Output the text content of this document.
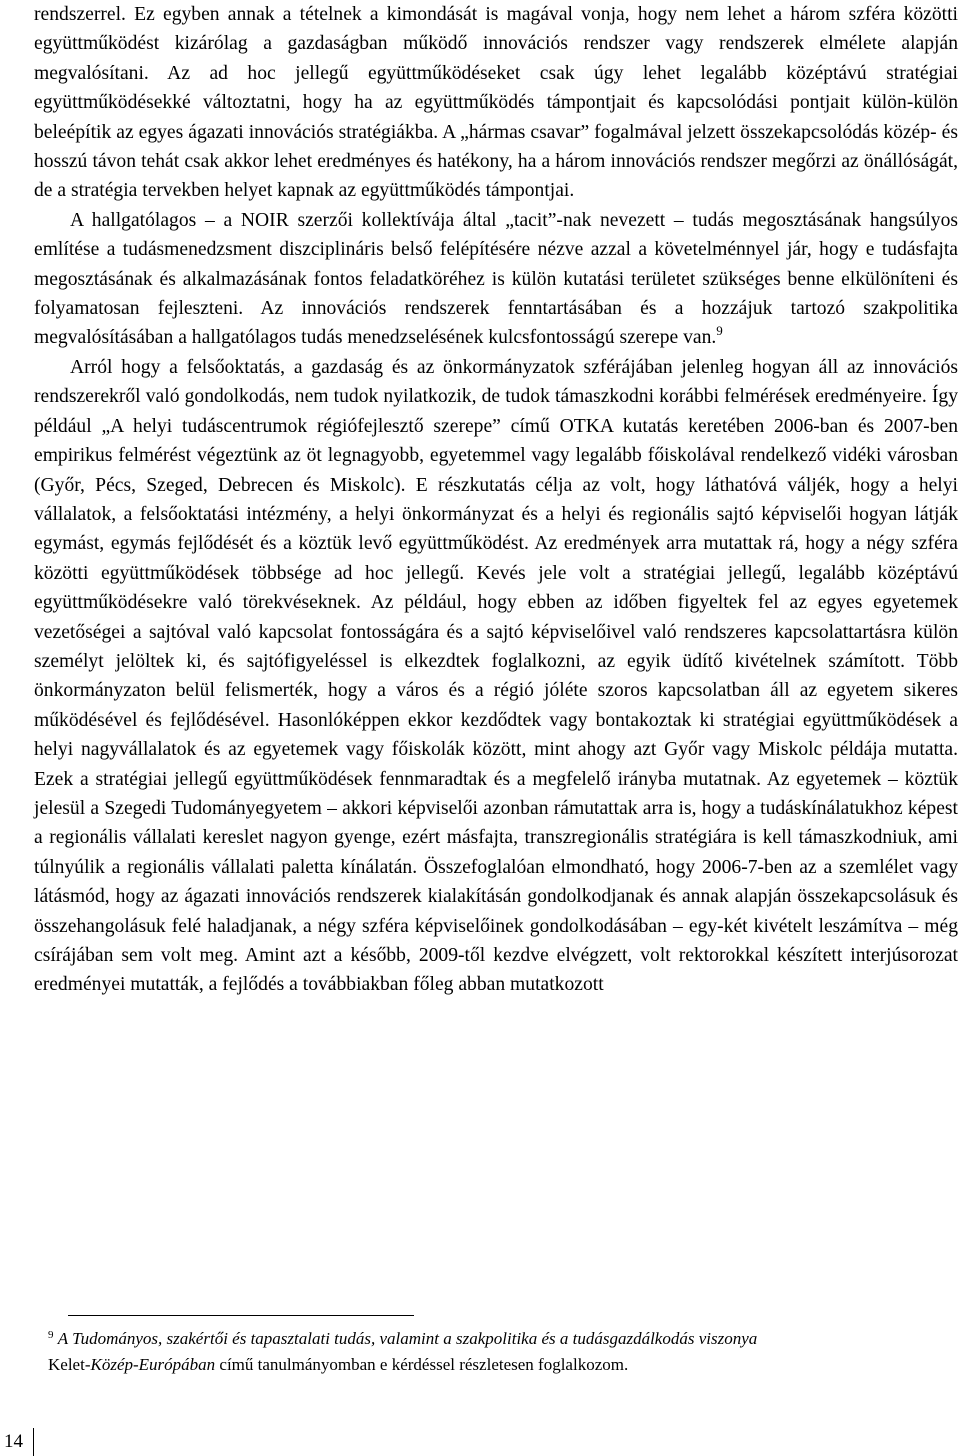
rendszerrel. Ez egyben annak a tételnek a kimondását is magával vonja, hogy nem lehet a három szféra közötti együttműködést kizárólag a gazdaságban működő innovációs rendszer vagy rendszerek elmélete alapján megvalósítani. Az ad hoc jellegű együttműködéseket csak úgy lehet legalább középtávú stratégiai együttműködésekké változtatni, hogy ha az együttműködés támpontjait és kapcsolódási pontjait külön-külön beleépítik az egyes ágazati innovációs stratégiákba. A „hármas csavar” fogalmával jelzett összekapcsolódás közép- és hosszú távon tehát csak akkor lehet eredményes és hatékony, ha a három innovációs rendszer megőrzi az önállóságát, de a stratégia tervekben helyet kapnak az együttműködés támpontjai.

A hallgatólagos – a NOIR szerzői kollektívája által „tacit”-nak nevezett – tudás megosztásának hangsúlyos említése a tudásmenedzsment diszciplináris belső felépítésére nézve azzal a követelménnyel jár, hogy e tudásfajta megosztásának és alkalmazásának fontos feladatköréhez is külön kutatási területet szükséges benne elkülöníteni és folyamatosan fejleszteni. Az innovációs rendszerek fenntartásában és a hozzájuk tartozó szakpolitika megvalósításában a hallgatólagos tudás menedzselésének kulcsfontosságú szerepe van.$^9$

Arról hogy a felsőoktatás, a gazdaság és az önkormányzatok szférájában jelenleg hogyan áll az innovációs rendszerekről való gondolkodás, nem tudok nyilatkozik, de tudok támaszkodni korábbi felmérések eredményeire. Így például „A helyi tudáscentrumok régiófejlesztő szerepe” című OTKA kutatás keretében 2006-ban és 2007-ben empirikus felmérést végeztünk az öt legnagyobb, egyetemmel vagy legalább főiskolával rendelkező vidéki városban (Győr, Pécs, Szeged, Debrecen és Miskolc). E részkutatás célja az volt, hogy láthatóvá váljék, hogy a helyi vállalatok, a felsőoktatási intézmény, a helyi önkormányzat és a helyi és regionális sajtó képviselői hogyan látják egymást, egymás fejlődését és a köztük levő együttműködést. Az eredmények arra mutattak rá, hogy a négy szféra közötti együttműködések többsége ad hoc jellegű. Kevés jele volt a stratégiai jellegű, legalább középtávú együttműködésekre való törekvéseknek. Az például, hogy ebben az időben figyeltek fel az egyes egyetemek vezetőségei a sajtóval való kapcsolat fontosságára és a sajtó képviselőivel való rendszeres kapcsolattartásra külön személyt jelöltek ki, és sajtófigyeléssel is elkezdtek foglalkozni, az egyik üdítő kivételnek számított. Több önkormányzaton belül felismerték, hogy a város és a régió jóléte szoros kapcsolatban áll az egyetem sikeres működésével és fejlődésével. Hasonlóképpen ekkor kezdődtek vagy bontakoztak ki stratégiai együttműködések a helyi nagyvállalatok és az egyetemek vagy főiskolák között, mint ahogy azt Győr vagy Miskolc példája mutatta. Ezek a stratégiai jellegű együttműködések fennmaradtak és a megfelelő irányba mutatnak. Az egyetemek – köztük jelesül a Szegedi Tudományegyetem – akkori képviselői azonban rámutattak arra is, hogy a tudáskínálatukhoz képest a regionális vállalati kereslet nagyon gyenge, ezért másfajta, transzregionális stratégiára is kell támaszkodniuk, ami túlnyúlik a regionális vállalati paletta kínálatán. Összefoglalóan elmondható, hogy 2006-7-ben az a szemlélet vagy látásmód, hogy az ágazati innovációs rendszerek kialakításán gondolkodjanak és annak alapján összekapcsolásuk és összehangolásuk felé haladjanak, a négy szféra képviselőinek gondolkodásában – egy-két kivételt leszámítva – még csírájában sem volt meg. Amint azt a később, 2009-től kezdve elvégzett, volt rektorokkal készített interjúsorozat eredményei mutatták, a fejlődés a továbbiakban főleg abban mutatkozott

$^9$ A Tudományos, szakértői és tapasztalati tudás, valamint a szakpolitika és a tudásgazdálkodás viszonya

Kelet-Közép-Európában című tanulmányomban e kérdéssel részletesen foglalkozom.

14
